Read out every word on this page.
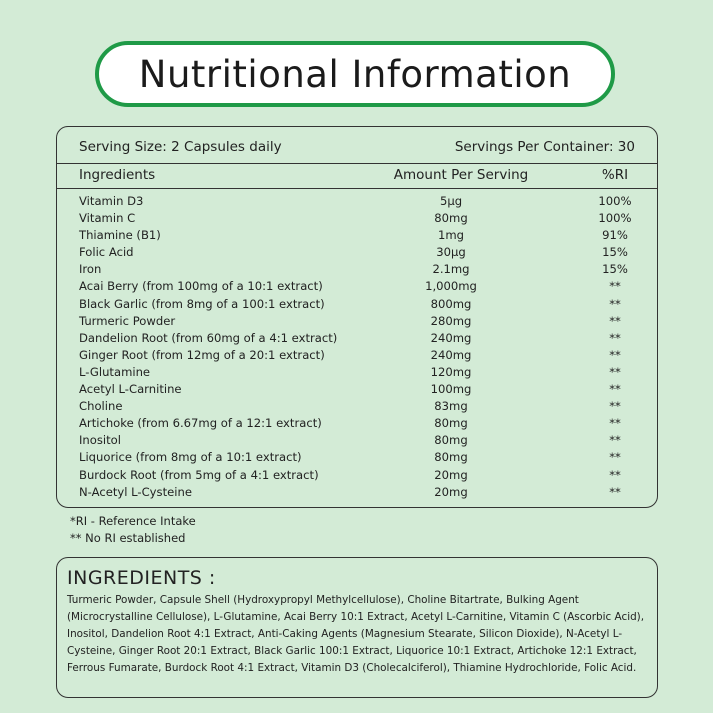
Nutritional Information
Serving Size: 2 Capsules daily	Servings Per Container: 30
Ingredients	Amount Per Serving	%RI
Vitamin D3	5µg	100%
Vitamin C	80mg	100%
Thiamine (B1)	1mg	91%
Folic Acid	30µg	15%
Iron	2.1mg	15%
Acai Berry (from 100mg of a 10:1 extract)	1,000mg	**
Black Garlic (from 8mg of a 100:1 extract)	800mg	**
Turmeric Powder	280mg	**
Dandelion Root (from 60mg of a 4:1 extract)	240mg	**
Ginger Root (from 12mg of a 20:1 extract)	240mg	**
L-Glutamine	120mg	**
Acetyl L-Carnitine	100mg	**
Choline	83mg	**
Artichoke (from 6.67mg of a 12:1 extract)	80mg	**
Inositol	80mg	**
Liquorice (from 8mg of a 10:1 extract)	80mg	**
Burdock Root (from 5mg of a 4:1 extract)	20mg	**
N-Acetyl L-Cysteine	20mg	**
*RI - Reference Intake
** No RI established
INGREDIENTS :
Turmeric Powder, Capsule Shell (Hydroxypropyl Methylcellulose), Choline Bitartrate, Bulking Agent (Microcrystalline Cellulose), L-Glutamine, Acai Berry 10:1 Extract, Acetyl L-Carnitine, Vitamin C (Ascorbic Acid), Inositol, Dandelion Root 4:1 Extract, Anti-Caking Agents (Magnesium Stearate, Silicon Dioxide), N-Acetyl L-Cysteine, Ginger Root 20:1 Extract, Black Garlic 100:1 Extract, Liquorice 10:1 Extract, Artichoke 12:1 Extract, Ferrous Fumarate, Burdock Root 4:1 Extract, Vitamin D3 (Cholecalciferol), Thiamine Hydrochloride, Folic Acid.
